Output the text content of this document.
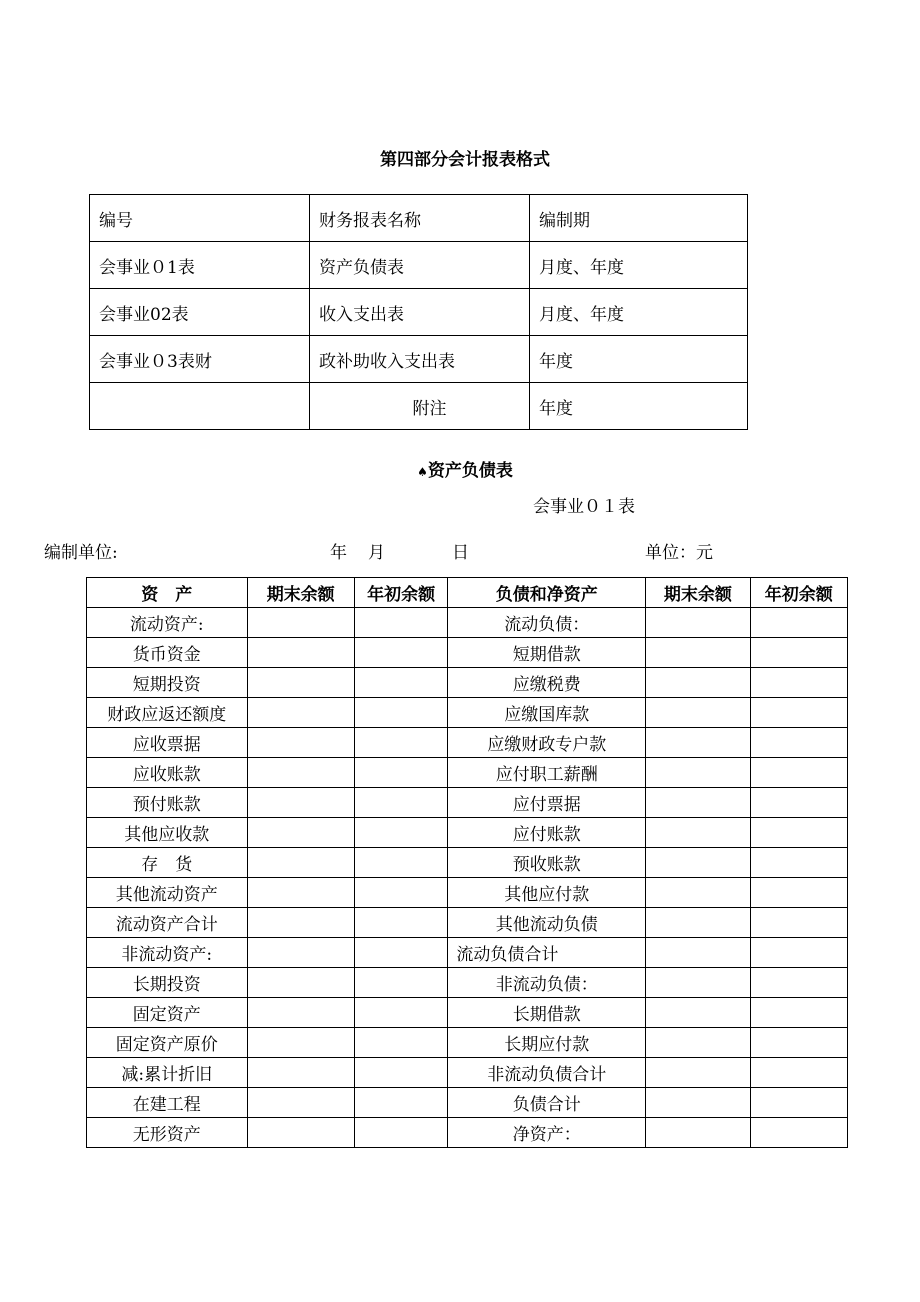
第四部分会计报表格式
编号	财务报表名称	编制期
会事业０1表	资产负债表	月度、年度
会事业02表	收入支出表	月度、年度
会事业０3表财	政补助收入支出表	年度
	附注	年度
♠资产负债表
会事业０１表
编制单位:	年 月	日	单位：元
资　产	期末余额	年初余额	负债和净资产	期末余额	年初余额
流动资产:			流动负债：		
货币资金			短期借款		
短期投资			应缴税费		
财政应返还额度			应缴国库款		
应收票据			应缴财政专户款		
应收账款			应付职工薪酬		
预付账款			应付票据		
其他应收款			应付账款		
存　货			预收账款		
其他流动资产			其他应付款		
流动资产合计			其他流动负债		
非流动资产:			流动负债合计		
长期投资			非流动负债：		
固定资产			长期借款		
固定资产原价			长期应付款		
减:累计折旧			非流动负债合计		
在建工程			负债合计		
无形资产			净资产：		
